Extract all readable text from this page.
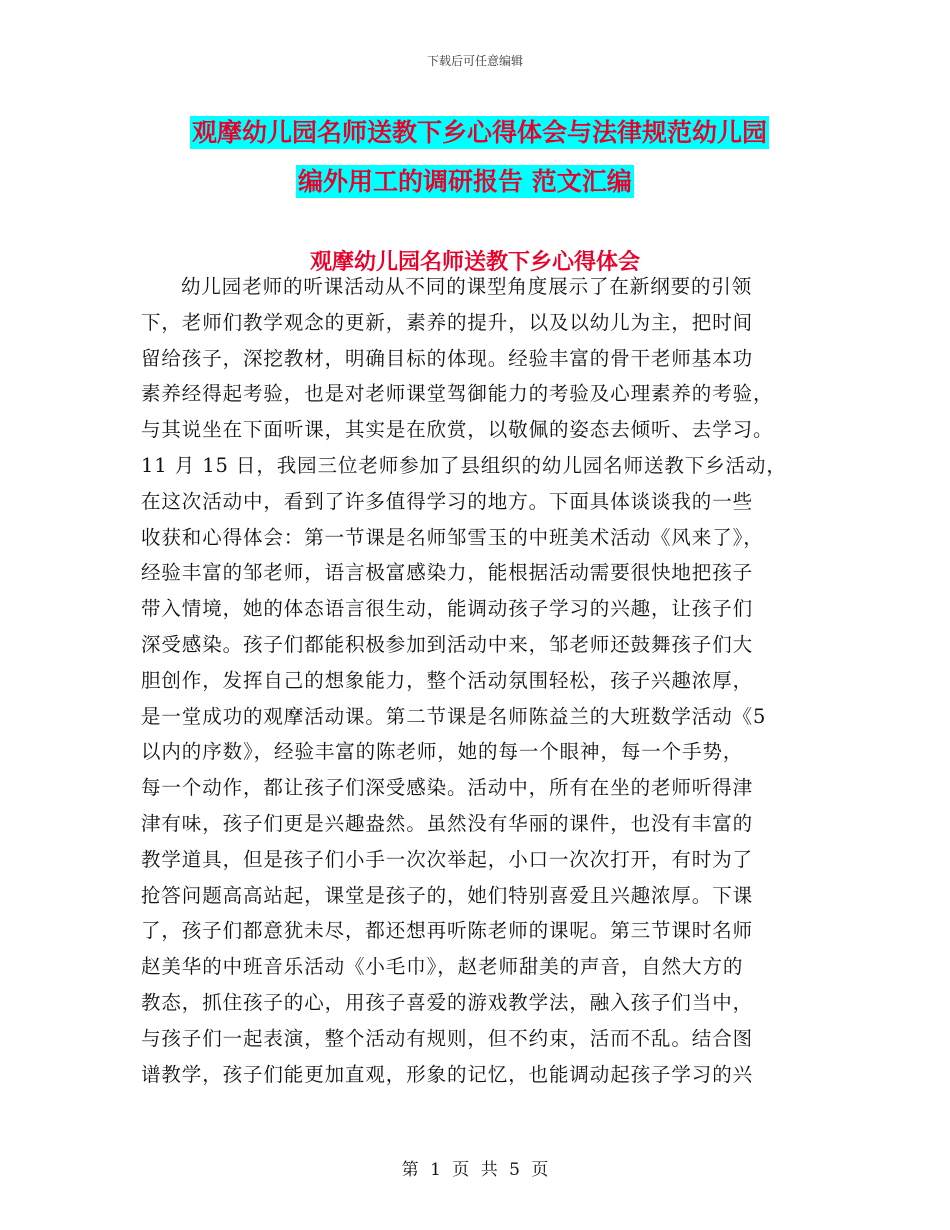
下载后可任意编辑
观摩幼儿园名师送教下乡心得体会与法律规范幼儿园
编外用工的调研报告 范文汇编
观摩幼儿园名师送教下乡心得体会
幼儿园老师的听课活动从不同的课型角度展示了在新纲要的引领
下，老师们教学观念的更新，素养的提升，以及以幼儿为主，把时间
留给孩子，深挖教材，明确目标的体现。经验丰富的骨干老师基本功
素养经得起考验，也是对老师课堂驾御能力的考验及心理素养的考验，
与其说坐在下面听课，其实是在欣赏，以敬佩的姿态去倾听、去学习。
11 月 15 日，我园三位老师参加了县组织的幼儿园名师送教下乡活动，
在这次活动中，看到了许多值得学习的地方。下面具体谈谈我的一些
收获和心得体会：第一节课是名师邹雪玉的中班美术活动《风来了》，
经验丰富的邹老师，语言极富感染力，能根据活动需要很快地把孩子
带入情境，她的体态语言很生动，能调动孩子学习的兴趣，让孩子们
深受感染。孩子们都能积极参加到活动中来，邹老师还鼓舞孩子们大
胆创作，发挥自己的想象能力，整个活动氛围轻松，孩子兴趣浓厚，
是一堂成功的观摩活动课。第二节课是名师陈益兰的大班数学活动《5
以内的序数》，经验丰富的陈老师，她的每一个眼神，每一个手势，
每一个动作，都让孩子们深受感染。活动中，所有在坐的老师听得津
津有味，孩子们更是兴趣盎然。虽然没有华丽的课件，也没有丰富的
教学道具，但是孩子们小手一次次举起，小口一次次打开，有时为了
抢答问题高高站起，课堂是孩子的，她们特别喜爱且兴趣浓厚。下课
了，孩子们都意犹未尽，都还想再听陈老师的课呢。第三节课时名师
赵美华的中班音乐活动《小毛巾》，赵老师甜美的声音，自然大方的
教态，抓住孩子的心，用孩子喜爱的游戏教学法，融入孩子们当中，
与孩子们一起表演，整个活动有规则，但不约束，活而不乱。结合图
谱教学，孩子们能更加直观，形象的记忆，也能调动起孩子学习的兴
第 1 页 共 5 页
